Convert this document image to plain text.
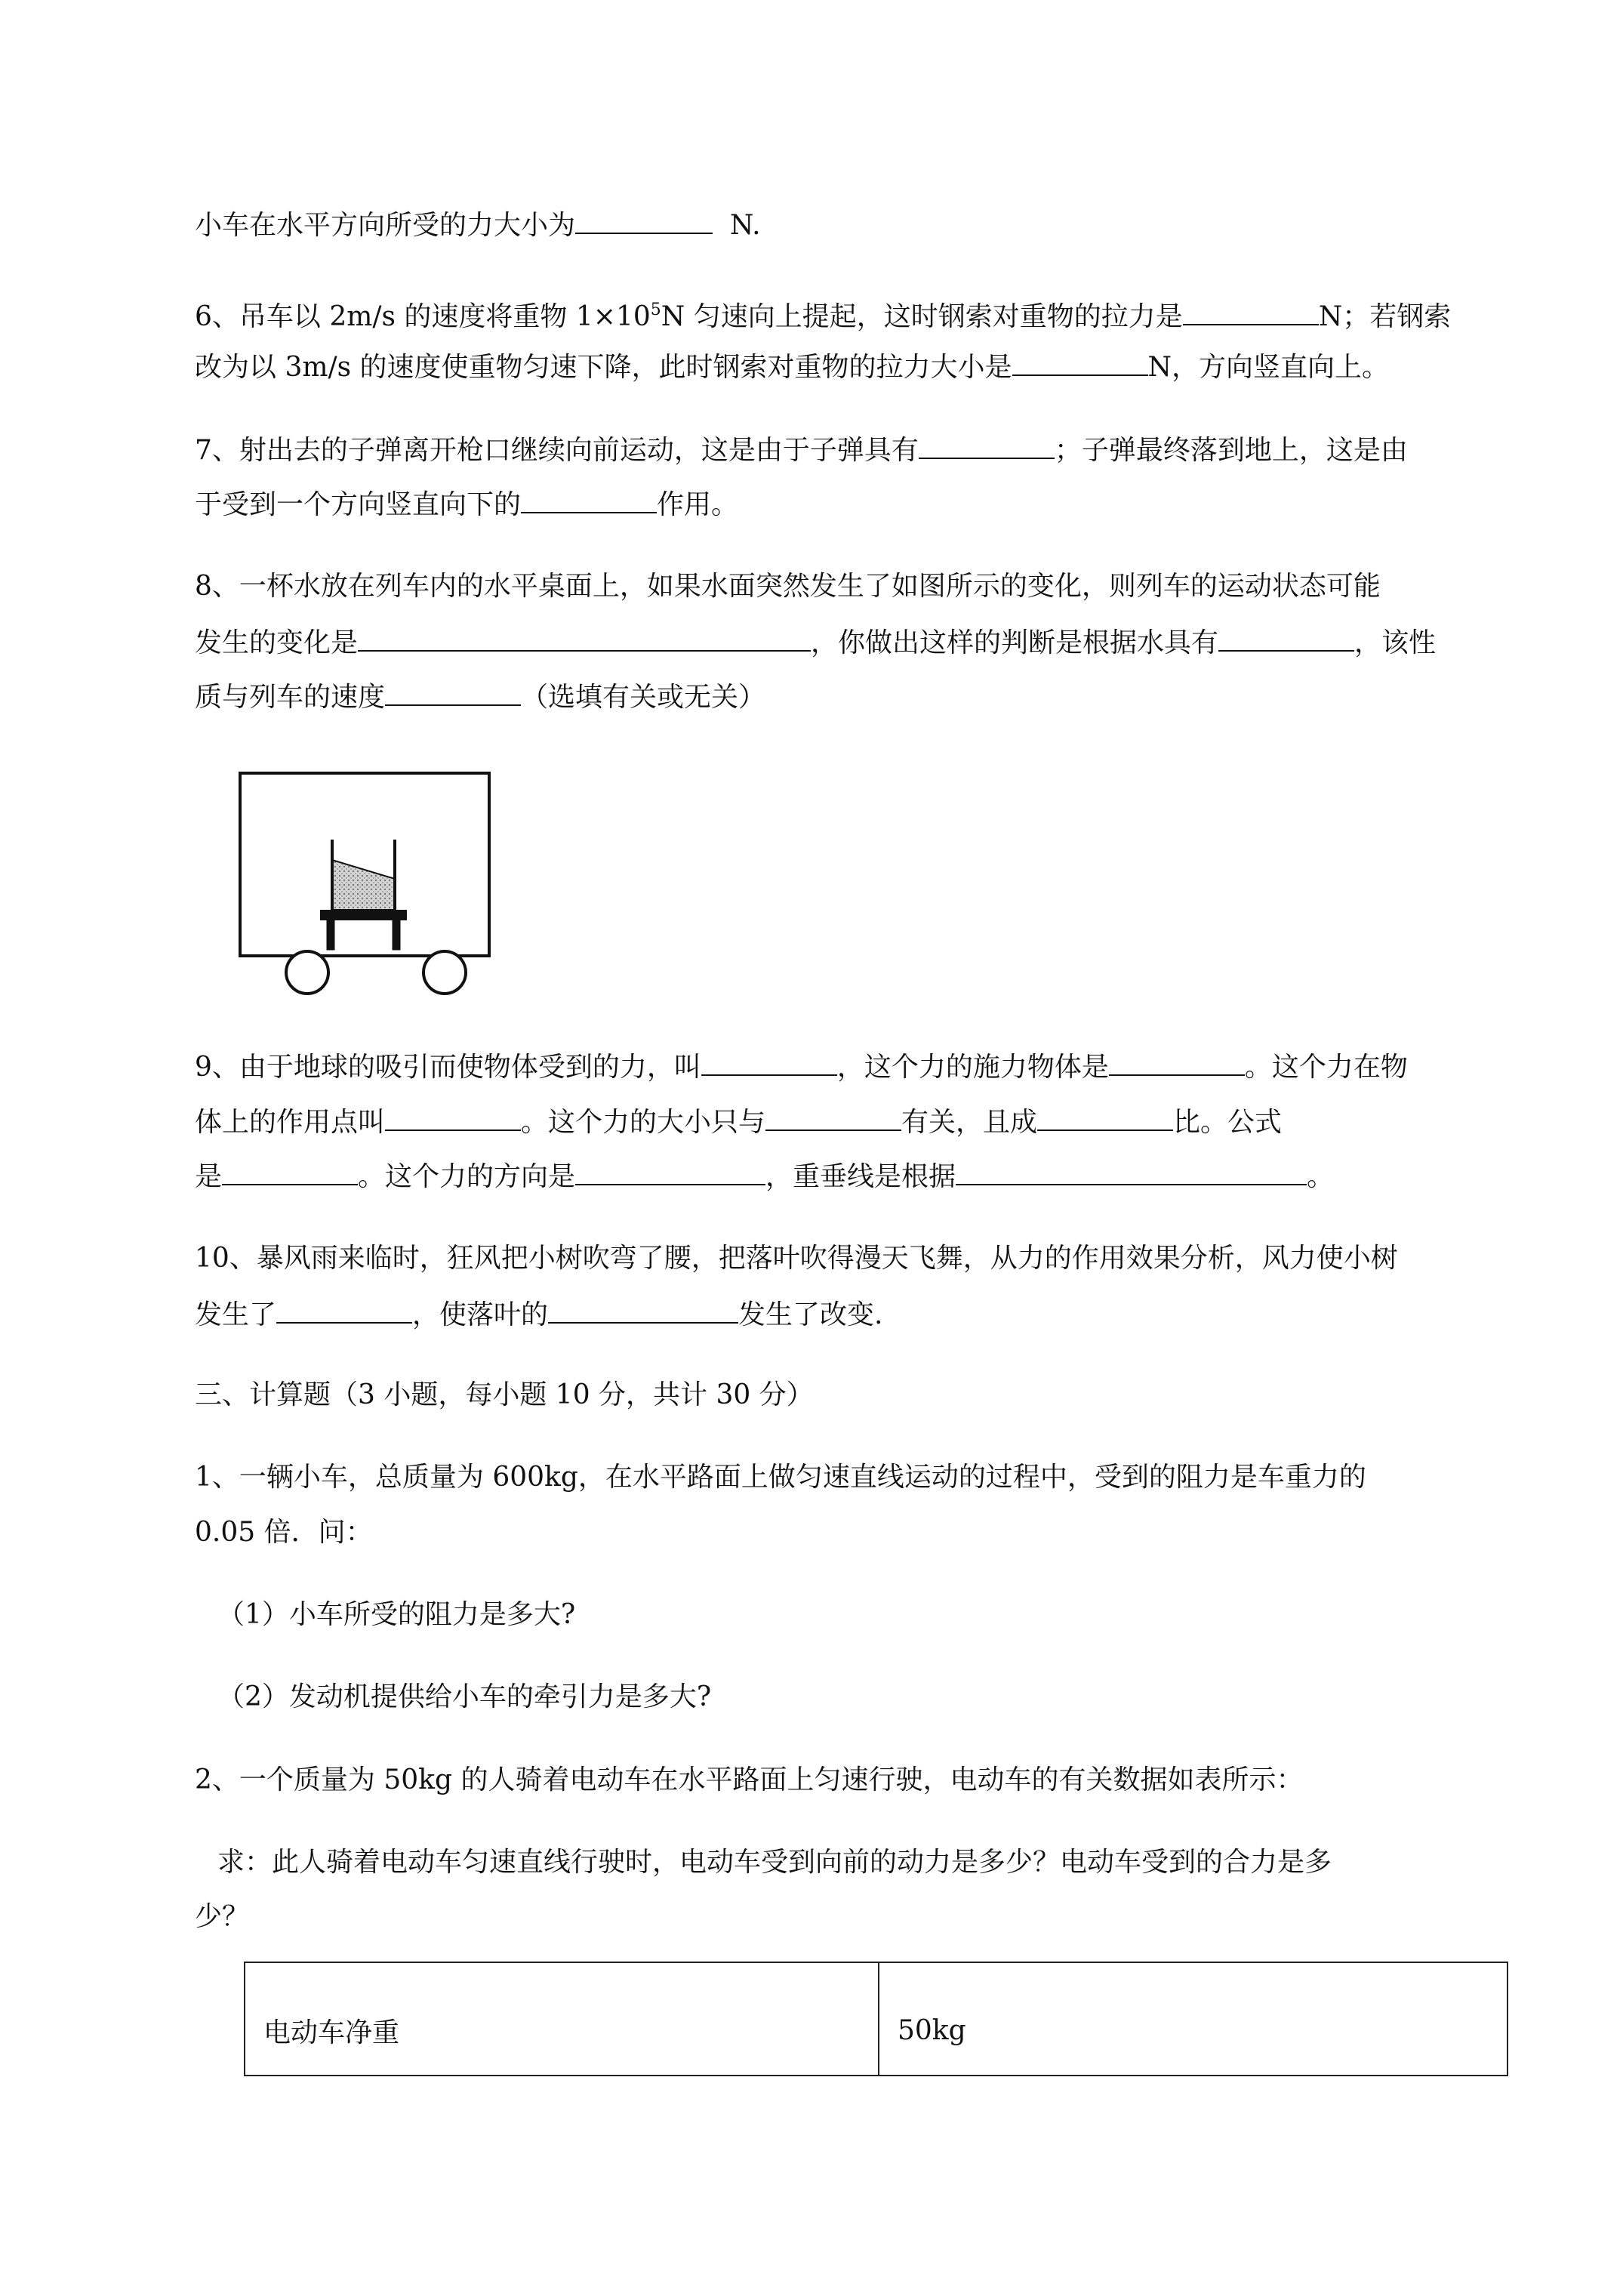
小车在水平方向所受的力大小为	N.
6、吊车以 2m/s 的速度将重物 $1\times 10^5N$ 匀速向上提起，这时钢索对重物的拉力是	N；若钢索
改为以 3m/s 的速度使重物匀速下降，此时钢索对重物的拉力大小是	N，方向竖直向上。
7、射出去的子弹离开枪口继续向前运动，这是由于子弹具有	；子弹最终落到地上，这是由
于受到一个方向竖直向下的	作用。
8、一杯水放在列车内的水平桌面上，如果水面突然发生了如图所示的变化，则列车的运动状态可能
发生的变化是	，你做出这样的判断是根据水具有	，该性
质与列车的速度	（选填有关或无关）
9、由于地球的吸引而使物体受到的力，叫	，这个力的施力物体是	。这个力在物
体上的作用点叫	。这个力的大小只与	有关，且成	比。公式
是	。这个力的方向是	，重垂线是根据	。
10、暴风雨来临时，狂风把小树吹弯了腰，把落叶吹得漫天飞舞，从力的作用效果分析，风力使小树
发生了	，使落叶的	发生了改变.
三、计算题（3 小题，每小题 10 分，共计 30 分）
1、一辆小车，总质量为 600kg，在水平路面上做匀速直线运动的过程中，受到的阻力是车重力的
0.05 倍．问：
（1）小车所受的阻力是多大?
（2）发动机提供给小车的牵引力是多大?
2、一个质量为 50kg 的人骑着电动车在水平路面上匀速行驶，电动车的有关数据如表所示：
求：此人骑着电动车匀速直线行驶时，电动车受到向前的动力是多少？电动车受到的合力是多
少？
电动车净重	50kg
